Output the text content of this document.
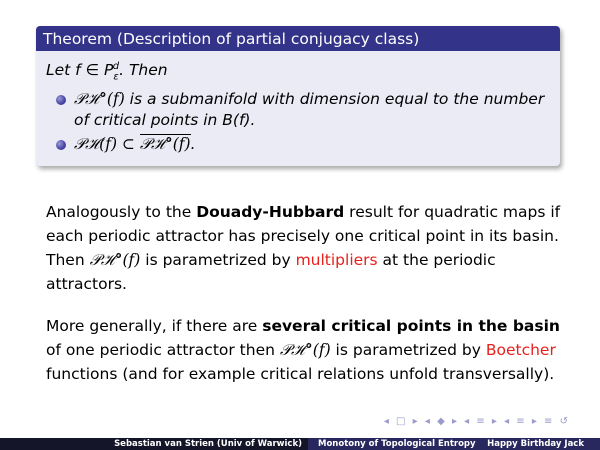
Theorem (Description of partial conjugacy class)
Let f ∈ $P_\varepsilon^d$. Then
𝒫ℋ°(f) is a submanifold with dimension equal to the number of critical points in B(f).
𝒫ℋ(f) ⊂ 𝒫ℋ°(f).

Analogously to the Douady-Hubbard result for quadratic maps if each periodic attractor has precisely one critical point in its basin. Then 𝒫ℋ°(f) is parametrized by multipliers at the periodic attractors.

More generally, if there are several critical points in the basin of one periodic attractor then 𝒫ℋ°(f) is parametrized by Boetcher functions (and for example critical relations unfold transversally).

◂ □ ▸ ◂ ◆ ▸ ◂ ≡ ▸ ◂ ≡ ▸ ≡ ↺
Sebastian van Strien (Univ of Warwick)	Monotony of Topological Entropy Happy Birthday Jack
